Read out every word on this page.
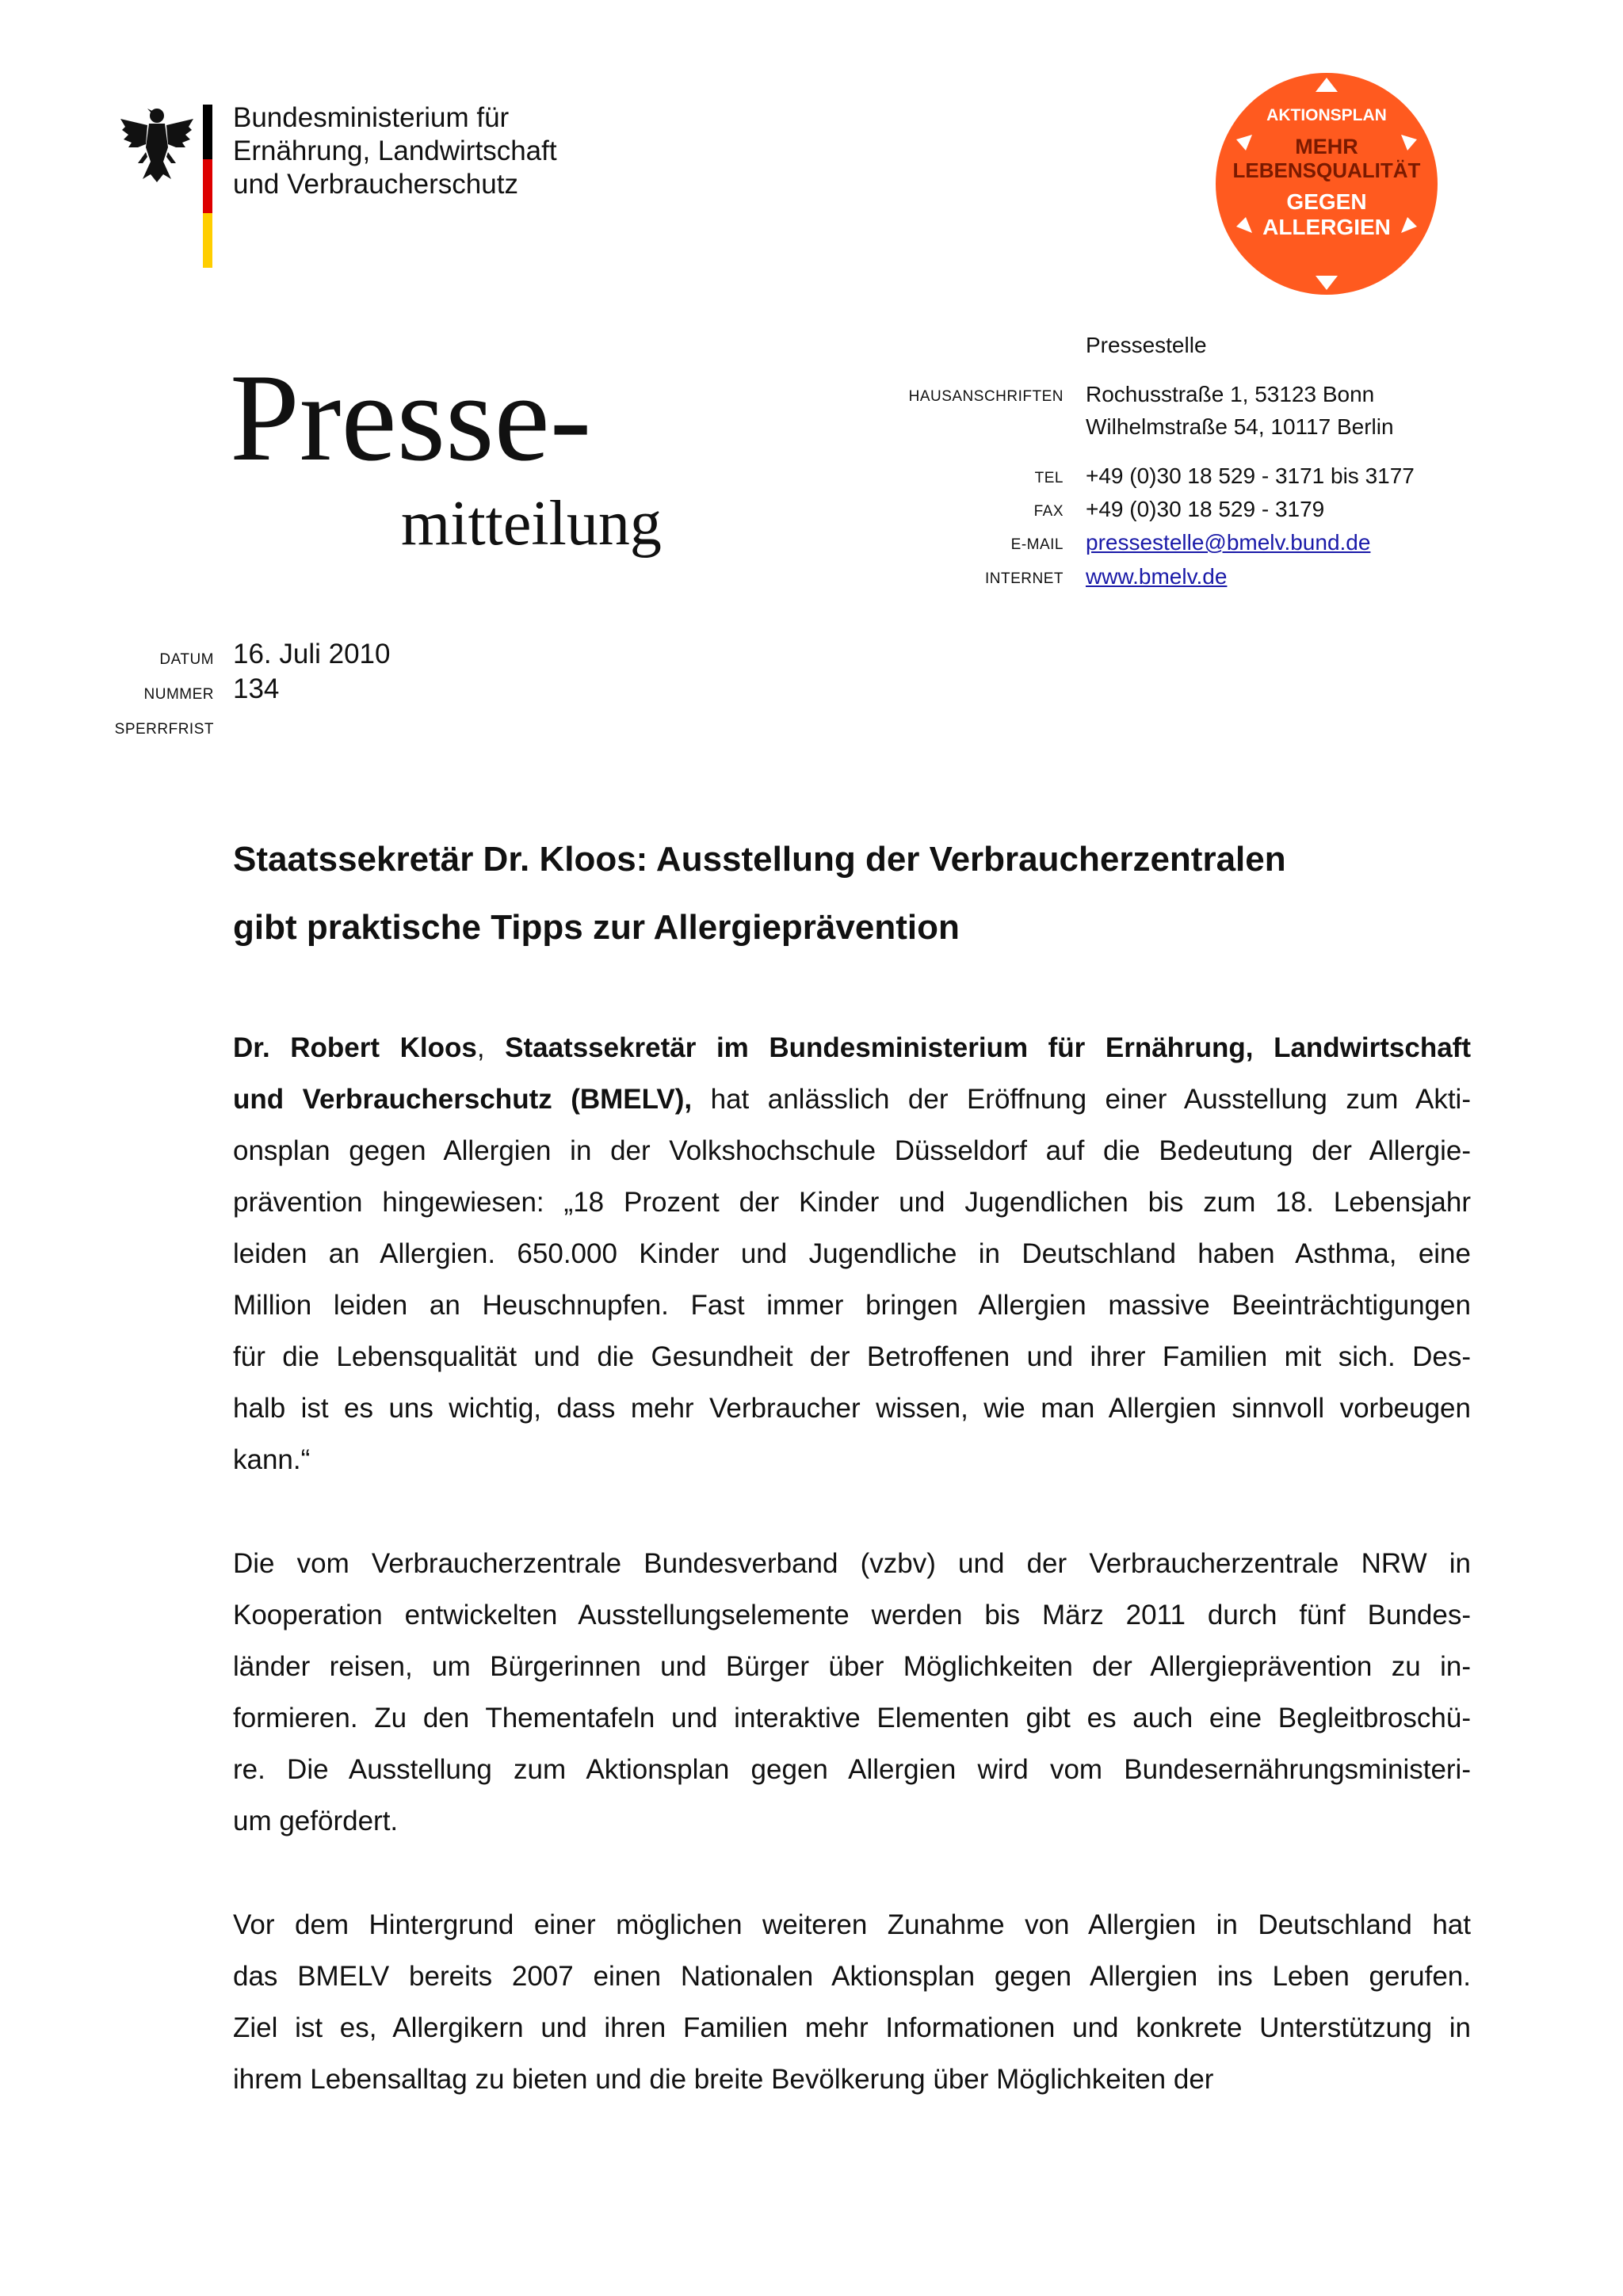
Bundesministerium für
Ernährung, Landwirtschaft
und Verbraucherschutz
AKTIONSPLAN
MEHR
LEBENSQUALITÄT
GEGEN
ALLERGIEN
Presse-
mitteilung
Pressestelle
HAUSANSCHRIFTEN Rochusstraße 1, 53123 Bonn
Wilhelmstraße 54, 10117 Berlin
TEL +49 (0)30 18 529 - 3171 bis 3177
FAX +49 (0)30 18 529 - 3179
E-MAIL pressestelle@bmelv.bund.de
INTERNET www.bmelv.de
DATUM 16. Juli 2010
NUMMER 134
SPERRFRIST
Staatssekretär Dr. Kloos: Ausstellung der Verbraucherzentralen
gibt praktische Tipps zur Allergieprävention
Dr. Robert Kloos, Staatssekretär im Bundesministerium für Ernährung, Landwirtschaft
und Verbraucherschutz (BMELV), hat anlässlich der Eröffnung einer Ausstellung zum Akti-
onsplan gegen Allergien in der Volkshochschule Düsseldorf auf die Bedeutung der Allergie-
prävention hingewiesen: „18 Prozent der Kinder und Jugendlichen bis zum 18. Lebensjahr
leiden an Allergien. 650.000 Kinder und Jugendliche in Deutschland haben Asthma, eine
Million leiden an Heuschnupfen. Fast immer bringen Allergien massive Beeinträchtigungen
für die Lebensqualität und die Gesundheit der Betroffenen und ihrer Familien mit sich. Des-
halb ist es uns wichtig, dass mehr Verbraucher wissen, wie man Allergien sinnvoll vorbeugen
kann.“
Die vom Verbraucherzentrale Bundesverband (vzbv) und der Verbraucherzentrale NRW in
Kooperation entwickelten Ausstellungselemente werden bis März 2011 durch fünf Bundes-
länder reisen, um Bürgerinnen und Bürger über Möglichkeiten der Allergieprävention zu in-
formieren. Zu den Thementafeln und interaktive Elementen gibt es auch eine Begleitbroschü-
re. Die Ausstellung zum Aktionsplan gegen Allergien wird vom Bundesernährungsministeri-
um gefördert.
Vor dem Hintergrund einer möglichen weiteren Zunahme von Allergien in Deutschland hat
das BMELV bereits 2007 einen Nationalen Aktionsplan gegen Allergien ins Leben gerufen.
Ziel ist es, Allergikern und ihren Familien mehr Informationen und konkrete Unterstützung in
ihrem Lebensalltag zu bieten und die breite Bevölkerung über Möglichkeiten der
